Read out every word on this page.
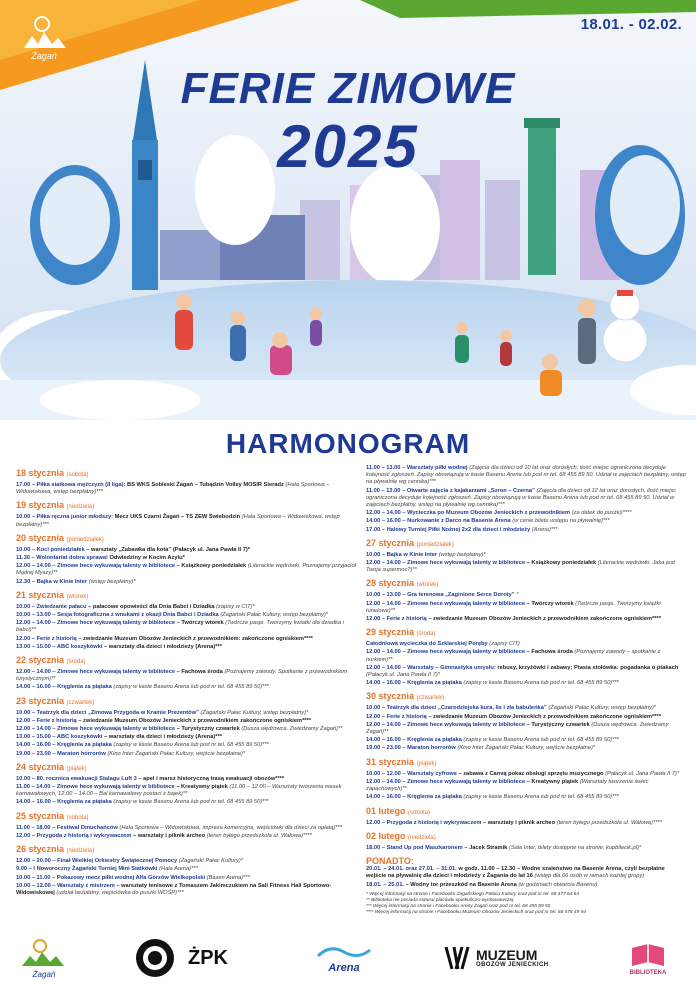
Żagań
18.01. - 02.02.
FERIE ZIMOWE
2025
HARMONOGRAM
18 stycznia (sobota)
17.00 – Piłka siatkowa mężczyzn (II liga): BS WKS Sobieski Żagań – Tubądzin Volley MOSIR Sieradz (Hala Sportowa – Widowiskowa, wstęp bezpłatny)***
19 stycznia (niedziela)
10.00 – Piłka ręczna junior młodszy: Mecz UKS Czarni Żagań – TS ZEW Świebodzin (Hala Sportowa – Widowiskowa, wstęp bezpłatny)***
20 stycznia (poniedziałek)
10.00 – Koci poniedziałek – warsztaty „Zabawka dla kota” (Pałacyk ul. Jana Pawła II 7)*
11.30 – Wolontariat dobra sprawa! Odwiedziny w Kocim Azylu*
12.00 – 14.00 – Zimowe hece wykuwają talenty w bibliotece – Książkowy poniedziałek (Literackie wędrówki. Poznajemy przyjaciół Mądrej Myszy)**
12.30 – Bajka w Kinie Inter (wstęp bezpłatny)*
21 stycznia (wtorek)
10.00 – Zwiedzanie pałacu – pałacowe opowieści dla Dnia Babci i Dziadka (zapisy w CIT)*
10.00 – 13.00 – Sesja fotograficzna z wnukami z okazji Dnia Babci i Dziadka (Żagański Pałac Kultury, wstęp bezpłatny)*
12.00 – 14.00 – Zimowe hece wykuwają talenty w bibliotece – Twórczy wtorek (Twórcze pasje. Tworzymy kwiatki dla dziadka i babci)**
12.00 – Ferie z historią – zwiedzanie Muzeum Obozów Jenieckich z przewodnikiem: zakończone ogniskiem****
13.00 – 15.00 – ABC koszykówki – warsztaty dla dzieci i młodzieży (Arena)***
22 stycznia (środa)
12.00 – 14.00 – Zimowe hece wykuwają talenty w bibliotece – Fachowa środa (Poznajemy zawody. Spotkanie z przewodnikiem turystycznym)**
14.00 – 16.00 – Kręglenia za piątaka (zapisy w kasie Basenu Arena lub pod nr tel. 68 455 89 50)***
23 stycznia (czwartek)
10.00 – Teatrzyk dla dzieci „Zimowa Przygoda w Krainie Prezentów” (Żagański Pałac Kultury, wstęp bezpłatny)*
12.00 – Ferie z historią – zwiedzanie Muzeum Obozów Jenieckich z przewodnikiem zakończone ogniskiem****
12.00 – 14.00 – Zimowe hece wykuwają talenty w bibliotece – Turystyczny czwartek (Dusza wędrowca. Zwiedzamy Żagań)**
13.00 – 15.00 – ABC koszykówki – warsztaty dla dzieci i młodzieży (Arena)***
14.00 – 16.00 – Kręglenia za piątaka (zapisy w kasie Basenu Arena lub pod nr tel. 68 455 89 50)***
19.00 – 23.00 – Maraton horrorów (Kino Inter Żagański Pałac Kultury, wejście bezpłatne)*
24 stycznia (piątek)
10.00 – 80. rocznica ewakuacji Stalagu Luft 3 – apel i marsz historyczną trasą ewakuacji obozów****
11.00 – 14.00 – Zimowe hece wykuwają talenty w bibliotece – Kreatywny piątek (11.00 – 12.00 – Warsztaty tworzenia masek karnawałowych, 12.00 – 14.00 – Bal karnawałowy postaci z bajek)**
14.00 – 16.00 – Kręglenia za piątaka (zapisy w kasie Basenu Arena lub pod nr tel. 68 455 89 50)***
25 stycznia (sobota)
11.00 – 18.00 – Festiwal Dmuchańców (Hala Sportowa – Widowiskowa, impreza komercyjna, wejściówki dla dzieci za opłatą)***
12.00 – Przygoda z historią i wykrywaczem – warsztaty i piknik archeo (teren byłego przedszkola ul. Wałowa)****
26 stycznia (niedziela)
12.00 – 20.00 – Finał Wielkiej Orkiestry Świątecznej Pomocy (Żagański Pałac Kultury)*
9.00 – I Noworoczny Żagański Turniej Mini Siatkówki (Hala Arena)***
10.00 – 11.00 – Pokazowy mecz piłki wodnej Alfa Gorzów Wielkopolski (Basen Arena)***
10.00 – 12.00 – Warsztaty z mistrzem – warsztaty tenisowe z Tomaszem Jakimczukiem na Sali Fitness Hali Sportowo-Widowiskowej (udział bezpłatny, wejściówka do puszki WOŚP)***
11.00 – 13.00 – Warsztaty piłki wodnej (Zajęcia dla dzieci od 10 lat oraz dorosłych, ilość miejsc ograniczona decyduje kolejność zgłoszeń. Zapisy obowiązują w kasie Basenu Arena lub pod nr tel. 68 455 89 50. Udział w zajęciach bezpłatny, wstęp na pływalnię wg cennika)***
11.00 – 13.00 – Otwarte zajęcia z kajakarzami „Szron – Czerna” (Zajęcia dla dzieci od 12 lat oraz dorosłych, ilość miejsc ograniczona decyduje kolejność zgłoszeń. Zapisy obowiązują w kasie Basenu Arena lub pod nr tel. 68 455 89 50. Udział w zajęciach bezpłatny, wstęp na pływalnię wg cennika)***
12.00 – 14.00 – Wycieczka po Muzeum Obozów Jenieckich z przewodnikiem (za datek do puszki)****
14.00 – 16.00 – Nurkowanie z Darco na Basenie Arena (w cenie biletu wstępu na pływalnię)***
17.00 – Halowy Turniej Piłki Nożnej 2x2 dla dzieci i młodzieży (Arena)***
27 stycznia (poniedziałek)
10.00 – Bajka w Kinie Inter (wstęp bezpłatny)*
12.00 – 14.00 – Zimowe hece wykuwają talenty w bibliotece – Książkowy poniedziałek (Literackie wędrówki. Jaka jest Twoja supermoc?)**
28 stycznia (wtorek)
10.00 – 13.00 – Gra terenowa „Zaginione Serce Doroty” *
12.00 – 14.00 – Zimowe hece wykuwają talenty w bibliotece – Twórczy wtorek (Twórcze pasje. Tworzymy książki tunelowe)**
12.00 – Ferie z historią – zwiedzanie Muzeum Obozów Jenieckich z przewodnikiem zakończone ogniskiem****
29 stycznia (środa)
Całodniowa wycieczka do Szklarskiej Poręby (zapisy CIT)
12.00 – 14.00 – Zimowe hece wykuwają talenty w bibliotece – Fachowa środa (Poznajemy zawody – spotkanie z nurkiem)**
12.00 – 14.00 – Warsztaty – Gimnastyka umysłu: rebusy, krzyżówki i zabawy; Ptasia stołówka: pogadanka o ptakach (Pałacyk ul. Jana Pawła II 7)*
14.00 – 16.00 – Kręglenia za piątaka (zapisy w kasie Basenu Arena lub pod nr tel. 68 455 89 50)***
30 stycznia (czwartek)
10.00 – Teatrzyk dla dzieci „Czarodziejska kura, lis i zła babuleńka” (Żagański Pałac Kultury, wstęp bezpłatny)*
12.00 – Ferie z historią – zwiedzanie Muzeum Obozów Jenieckich z przewodnikiem zakończone ogniskiem****
12.00 – 14.00 – Zimowe hece wykuwają talenty w bibliotece – Turystyczny czwartek (Dusza wędrowca. Zwiedzamy Żagań)**
14.00 – 16.00 – Kręglenia za piątaka (zapisy w kasie Basenu Arena lub pod nr tel. 68 455 89 50)***
19.00 – 23.00 – Maraton horrorów (Kino Inter Żagański Pałac Kultury, wejście bezpłatne)*
31 stycznia (piątek)
10.00 – 12.00 – Warsztaty cyfrowe – zabawa z Canvą pokaz obsługi sprzętu muzycznego (Pałacyk ul. Jana Pawła II 7)*
12.00 – 14.00 – Zimowe hece wykuwają talenty w bibliotece – Kreatywny piątek (Warsztaty tworzenia świec zapachowych)**
14.00 – 16.00 – Kręglenia za piątaka (zapisy w kasie Basenu Arena lub pod nr tel. 68 455 89 50)***
01 lutego (sobota)
12.00 – Przygoda z historią i wykrywaczem – warsztaty i piknik archeo (teren byłego przedszkola ul. Wałowa)****
02 lutego (niedziela)
18.00 – Stand Up pod Maszkaronem – Jacek Stramik (Sala Inter, bilety dostępne na stronie: kupbilecik.pl)*
PONADTO:
20.01. – 24.01. oraz 27.01. – 31.01. w godz. 11.00 – 12.30 – Wodne szaleństwo na Basenie Arena, czyli bezpłatne wejście na pływalnię dla dzieci i młodzieży z Żagania do lat 16 (wstęp dla 66 osób w ramach każdej grupy)
18.01. – 25.01. – Wodny tor przeszkód na Basenie Arena (w godzinach otwarcia Basenu)
* Więcej informacji na stronie i Facebooku Żagańskiego Pałacu Kultury oraz pod nr tel. 68 477 64 64
** Biblioteka nie posiada statusu placówki opiekuńczo-wychowawczej.
*** Więcej informacji na stronie i Facebooku Areny Żagań oraz pod nr tel. 68 455 89 50
**** Więcej informacji na stronie i Facebooku Muzeum Obozów Jenieckich oraz pod nr tel. 68 478 49 94
Żagań
ŻPK	Arena
MUZEUM
OBOZÓW JENIECKICH
BIBLIOTEKA
